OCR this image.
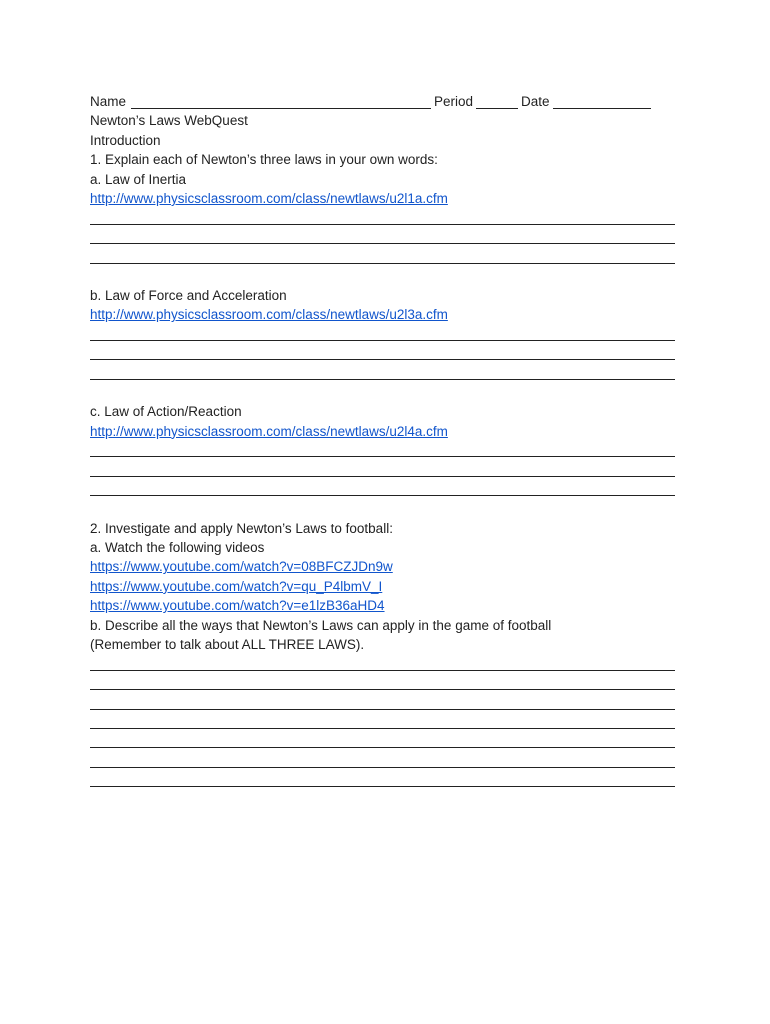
Name	Period	Date
Newton’s Laws WebQuest
Introduction
1. Explain each of Newton’s three laws in your own words:
a. Law of Inertia
http://www.physicsclassroom.com/class/newtlaws/u2l1a.cfm
b. Law of Force and Acceleration
http://www.physicsclassroom.com/class/newtlaws/u2l3a.cfm
c. Law of Action/Reaction
http://www.physicsclassroom.com/class/newtlaws/u2l4a.cfm
2. Investigate and apply Newton’s Laws to football:
a. Watch the following videos
https://www.youtube.com/watch?v=08BFCZJDn9w
https://www.youtube.com/watch?v=qu_P4lbmV_I
https://www.youtube.com/watch?v=e1lzB36aHD4
b. Describe all the ways that Newton’s Laws can apply in the game of football
(Remember to talk about ALL THREE LAWS).
